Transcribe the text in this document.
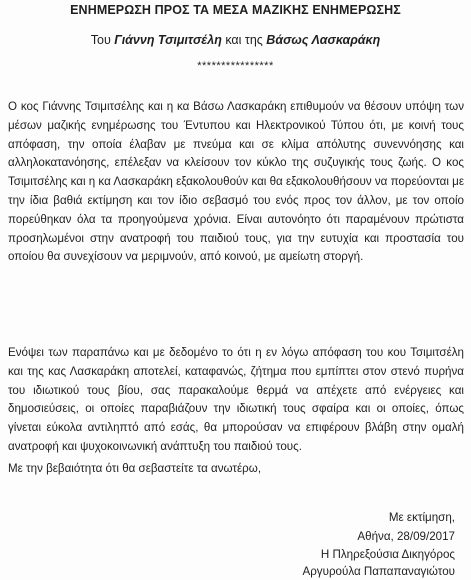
ΕΝΗΜΕΡΩΣΗ ΠΡΟΣ ΤΑ ΜΕΣΑ ΜΑΖΙΚΗΣ ΕΝΗΜΕΡΩΣΗΣ
Του Γιάννη Τσιμιτσέλη και της Βάσως Λασκαράκη
****************
Ο κος Γιάννης Τσιμιτσέλης και η κα Βάσω Λασκαράκη επιθυμούν να θέσουν υπόψη των μέσων μαζικής ενημέρωσης του Έντυπου και Ηλεκτρονικού Τύπου ότι, με κοινή τους απόφαση, την οποία έλαβαν με πνεύμα και σε κλίμα απόλυτης συνεννόησης και αλληλοκατανόησης, επέλεξαν να κλείσουν τον κύκλο της συζυγικής τους ζωής. Ο κος Τσιμιτσέλης και η κα Λασκαράκη εξακολουθούν και θα εξακολουθήσουν να πορεύονται με την ίδια βαθιά εκτίμηση και τον ίδιο σεβασμό του ενός προς τον άλλον, με τον οποίο πορεύθηκαν όλα τα προηγούμενα χρόνια. Είναι αυτονόητο ότι παραμένουν πρώτιστα προσηλωμένοι στην ανατροφή του παιδιού τους, για την ευτυχία και προστασία του οποίου θα συνεχίσουν να μεριμνούν, από κοινού, με αμείωτη στοργή.
Ενόψει των παραπάνω και με δεδομένο το ότι η εν λόγω απόφαση του κου Τσιμιτσέλη και της κας Λασκαράκη αποτελεί, καταφανώς, ζήτημα που εμπίπτει στον στενό πυρήνα του ιδιωτικού τους βίου, σας παρακαλούμε θερμά να απέχετε από ενέργειες και δημοσιεύσεις, οι οποίες παραβιάζουν την ιδιωτική τους σφαίρα και οι οποίες, όπως γίνεται εύκολα αντιληπτό από εσάς, θα μπορούσαν να επιφέρουν βλάβη στην ομαλή ανατροφή και ψυχοκοινωνική ανάπτυξη του παιδιού τους.
Με την βεβαιότητα ότι θα σεβαστείτε τα ανωτέρω,
Με εκτίμηση,
Αθήνα, 28/09/2017
Η Πληρεξούσια Δικηγόρος
Αργυρούλα Παπαπαναγιώτου
